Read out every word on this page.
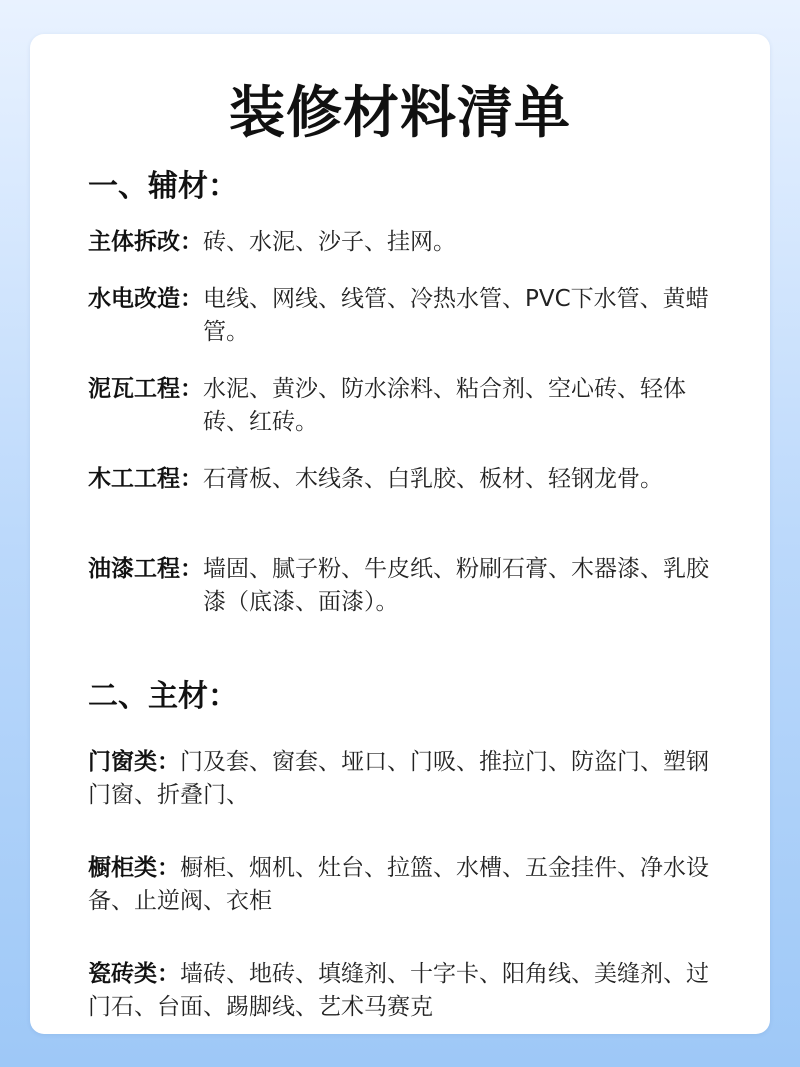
装修材料清单
一、辅材：
主体拆改： 砖、水泥、沙子、挂网。
水电改造： 电线、网线、线管、冷热水管、PVC下水管、黄蜡管。
泥瓦工程： 水泥、黄沙、防水涂料、粘合剂、空心砖、轻体砖、红砖。
木工工程： 石膏板、木线条、白乳胶、板材、轻钢龙骨。
油漆工程： 墙固、腻子粉、牛皮纸、粉刷石膏、木器漆、乳胶漆（底漆、面漆）。
二、主材：
门窗类：门及套、窗套、垭口、门吸、推拉门、防盗门、塑钢门窗、折叠门、
橱柜类：橱柜、烟机、灶台、拉篮、水槽、五金挂件、净水设备、止逆阀、衣柜
瓷砖类：墙砖、地砖、填缝剂、十字卡、阳角线、美缝剂、过门石、台面、踢脚线、艺术马赛克
